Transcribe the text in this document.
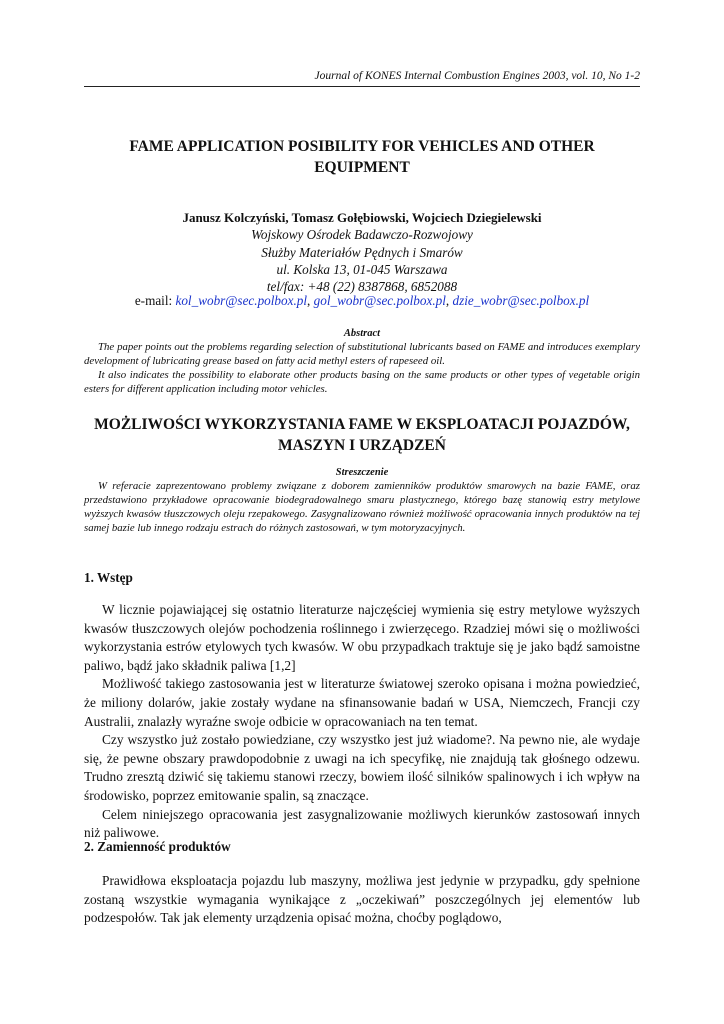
Journal of KONES Internal Combustion Engines 2003, vol. 10, No 1-2
FAME APPLICATION POSIBILITY FOR VEHICLES AND OTHER EQUIPMENT
Janusz Kolczyński, Tomasz Gołębiowski, Wojciech Dziegielewski
Wojskowy Ośrodek Badawczo-Rozwojowy
Służby Materiałów Pędnych i Smarów
ul. Kolska 13, 01-045 Warszawa
tel/fax: +48 (22) 8387868, 6852088
e-mail: kol_wobr@sec.polbox.pl, gol_wobr@sec.polbox.pl, dzie_wobr@sec.polbox.pl
Abstract

The paper points out the problems regarding selection of substitutional lubricants based on FAME and introduces exemplary development of lubricating grease based on fatty acid methyl esters of rapeseed oil.

It also indicates the possibility to elaborate other products basing on the same products or other types of vegetable origin esters for different application including motor vehicles.

MOŻLIWOŚCI WYKORZYSTANIA FAME W EKSPLOATACJI POJAZDÓW, MASZYN I URZĄDZEŃ
Streszczenie

W referacie zaprezentowano problemy związane z doborem zamienników produktów smarowych na bazie FAME, oraz przedstawiono przykładowe opracowanie biodegradowalnego smaru plastycznego, którego bazę stanowią estry metylowe wyższych kwasów tłuszczowych oleju rzepakowego. Zasygnalizowano również możliwość opracowania innych produktów na tej samej bazie lub innego rodzaju estrach do różnych zastosowań, w tym motoryzacyjnych.

1. Wstęp

W licznie pojawiającej się ostatnio literaturze najczęściej wymienia się estry metylowe wyższych kwasów tłuszczowych olejów pochodzenia roślinnego i zwierzęcego. Rzadziej mówi się o możliwości wykorzystania estrów etylowych tych kwasów. W obu przypadkach traktuje się je jako bądź samoistne paliwo, bądź jako składnik paliwa [1,2]

Możliwość takiego zastosowania jest w literaturze światowej szeroko opisana i można powiedzieć, że miliony dolarów, jakie zostały wydane na sfinansowanie badań w USA, Niemczech, Francji czy Australii, znalazły wyraźne swoje odbicie w opracowaniach na ten temat.

Czy wszystko już zostało powiedziane, czy wszystko jest już wiadome?. Na pewno nie, ale wydaje się, że pewne obszary prawdopodobnie z uwagi na ich specyfikę, nie znajdują tak głośnego odzewu. Trudno zresztą dziwić się takiemu stanowi rzeczy, bowiem ilość silników spalinowych i ich wpływ na środowisko, poprzez emitowanie spalin, są znaczące.

Celem niniejszego opracowania jest zasygnalizowanie możliwych kierunków zastosowań innych niż paliwowe.

2. Zamienność produktów

Prawidłowa eksploatacja pojazdu lub maszyny, możliwa jest jedynie w przypadku, gdy spełnione zostaną wszystkie wymagania wynikające z „oczekiwań” poszczególnych jej elementów lub podzespołów. Tak jak elementy urządzenia opisać można, choćby poglądowo,
